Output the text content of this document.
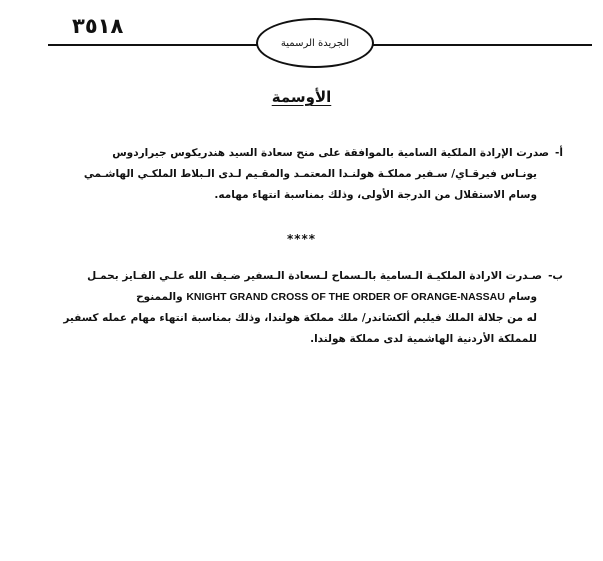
٣٥١٨
الجريدة الرسمية
الأوسمة
أ-صدرت الإرادة الملكية السامية بالموافقة على منح سعادة السيد هندريكوس جيراردوس
يونـاس فيرقـاي/ سـفير مملكـة هولنـدا المعتمـد والمقـيم لـدى الـبلاط الملكـي الهاشـمي
وسام الاستقلال من الدرجة الأولى، وذلك بمناسبة انتهاء مهامه.
****
ب-صـدرت الارادة الملكيـة الـسامية بالـسماح لـسعادة الـسفير ضـيف الله علـي الفـايز بحمـل
وسام KNIGHT GRAND CROSS OF THE ORDER OF ORANGE-NASSAU والممنوح
له من جلالة الملك فيليم ألكسَاندر/ ملك مملكة هولندا، وذلك بمناسبة انتهاء مهام عمله كسفير
للمملكة الأردنية الهاشمية لدى مملكة هولندا.
